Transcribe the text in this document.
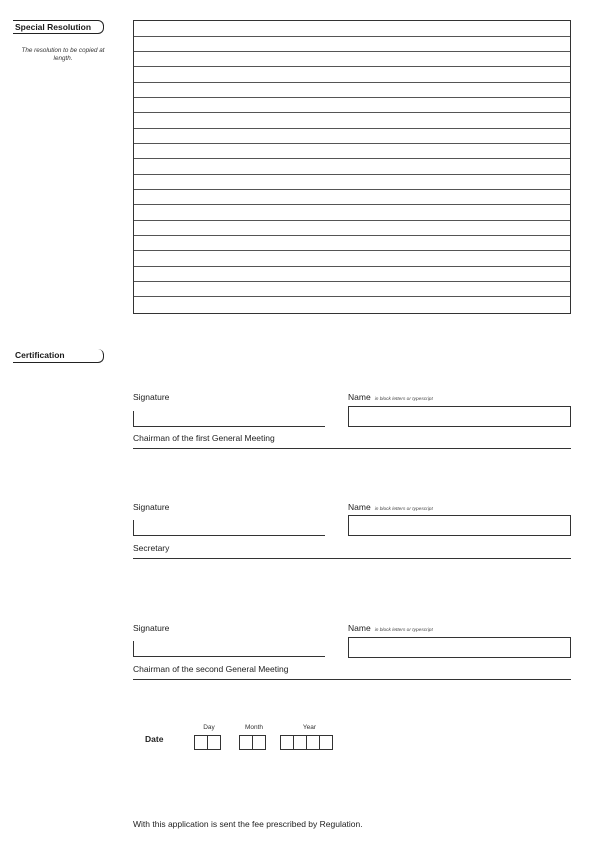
Special Resolution
The resolution to be copied at length.
Certification
Signature	Name in block letters or typescript
Chairman of the first General Meeting
Signature	Name in block letters or typescript
Secretary
Signature	Name in block letters or typescript
Chairman of the second General Meeting
Date
Day	Month	Year
With this application is sent the fee prescribed by Regulation.
